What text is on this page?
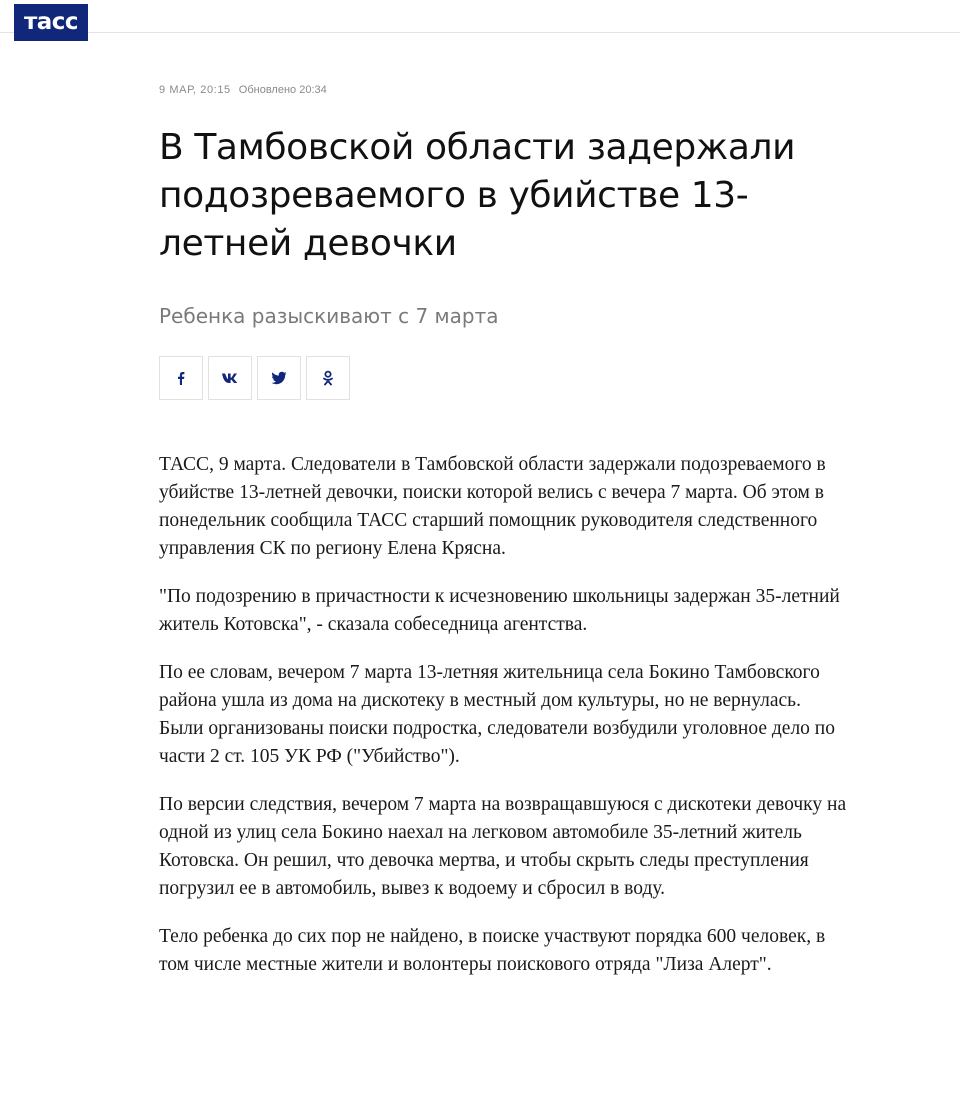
тасс
9 МАР, 20:15 Обновлено 20:34
В Тамбовской области задержали подозреваемого в убийстве 13-летней девочки
Ребенка разыскивают с 7 марта

ТАСС, 9 марта. Следователи в Тамбовской области задержали подозреваемого в убийстве 13-летней девочки, поиски которой велись с вечера 7 марта. Об этом в понедельник сообщила ТАСС старший помощник руководителя следственного управления СК по региону Елена Крясна.

"По подозрению в причастности к исчезновению школьницы задержан 35-летний житель Котовска", - сказала собеседница агентства.

По ее словам, вечером 7 марта 13-летняя жительница села Бокино Тамбовского района ушла из дома на дискотеку в местный дом культуры, но не вернулась. Были организованы поиски подростка, следователи возбудили уголовное дело по части 2 ст. 105 УК РФ ("Убийство").

По версии следствия, вечером 7 марта на возвращавшуюся с дискотеки девочку на одной из улиц села Бокино наехал на легковом автомобиле 35-летний житель Котовска. Он решил, что девочка мертва, и чтобы скрыть следы преступления погрузил ее в автомобиль, вывез к водоему и сбросил в воду.

Тело ребенка до сих пор не найдено, в поиске участвуют порядка 600 человек, в том числе местные жители и волонтеры поискового отряда "Лиза Алерт".
